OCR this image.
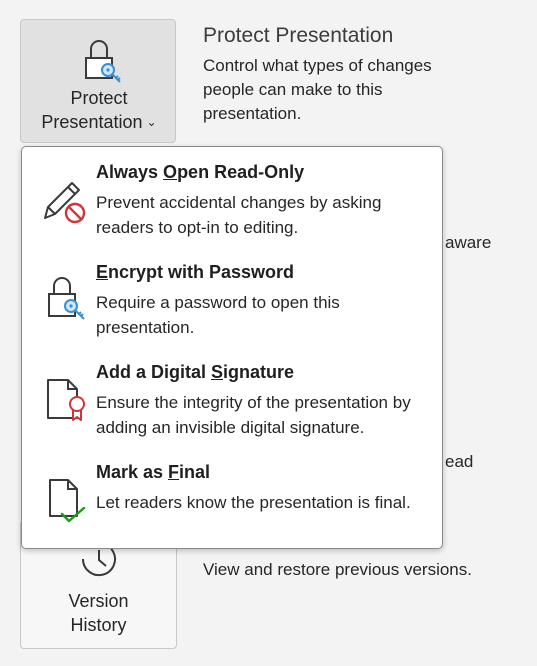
Protect
Presentation ⌄
Protect Presentation
Control what types of changes people can make to this presentation.
aware
ead
View and restore previous versions.
Version
History
Always Open Read-Only
Prevent accidental changes by asking readers to opt-in to editing.
Encrypt with Password
Require a password to open this presentation.
Add a Digital Signature
Ensure the integrity of the presentation by adding an invisible digital signature.
Mark as Final
Let readers know the presentation is final.
